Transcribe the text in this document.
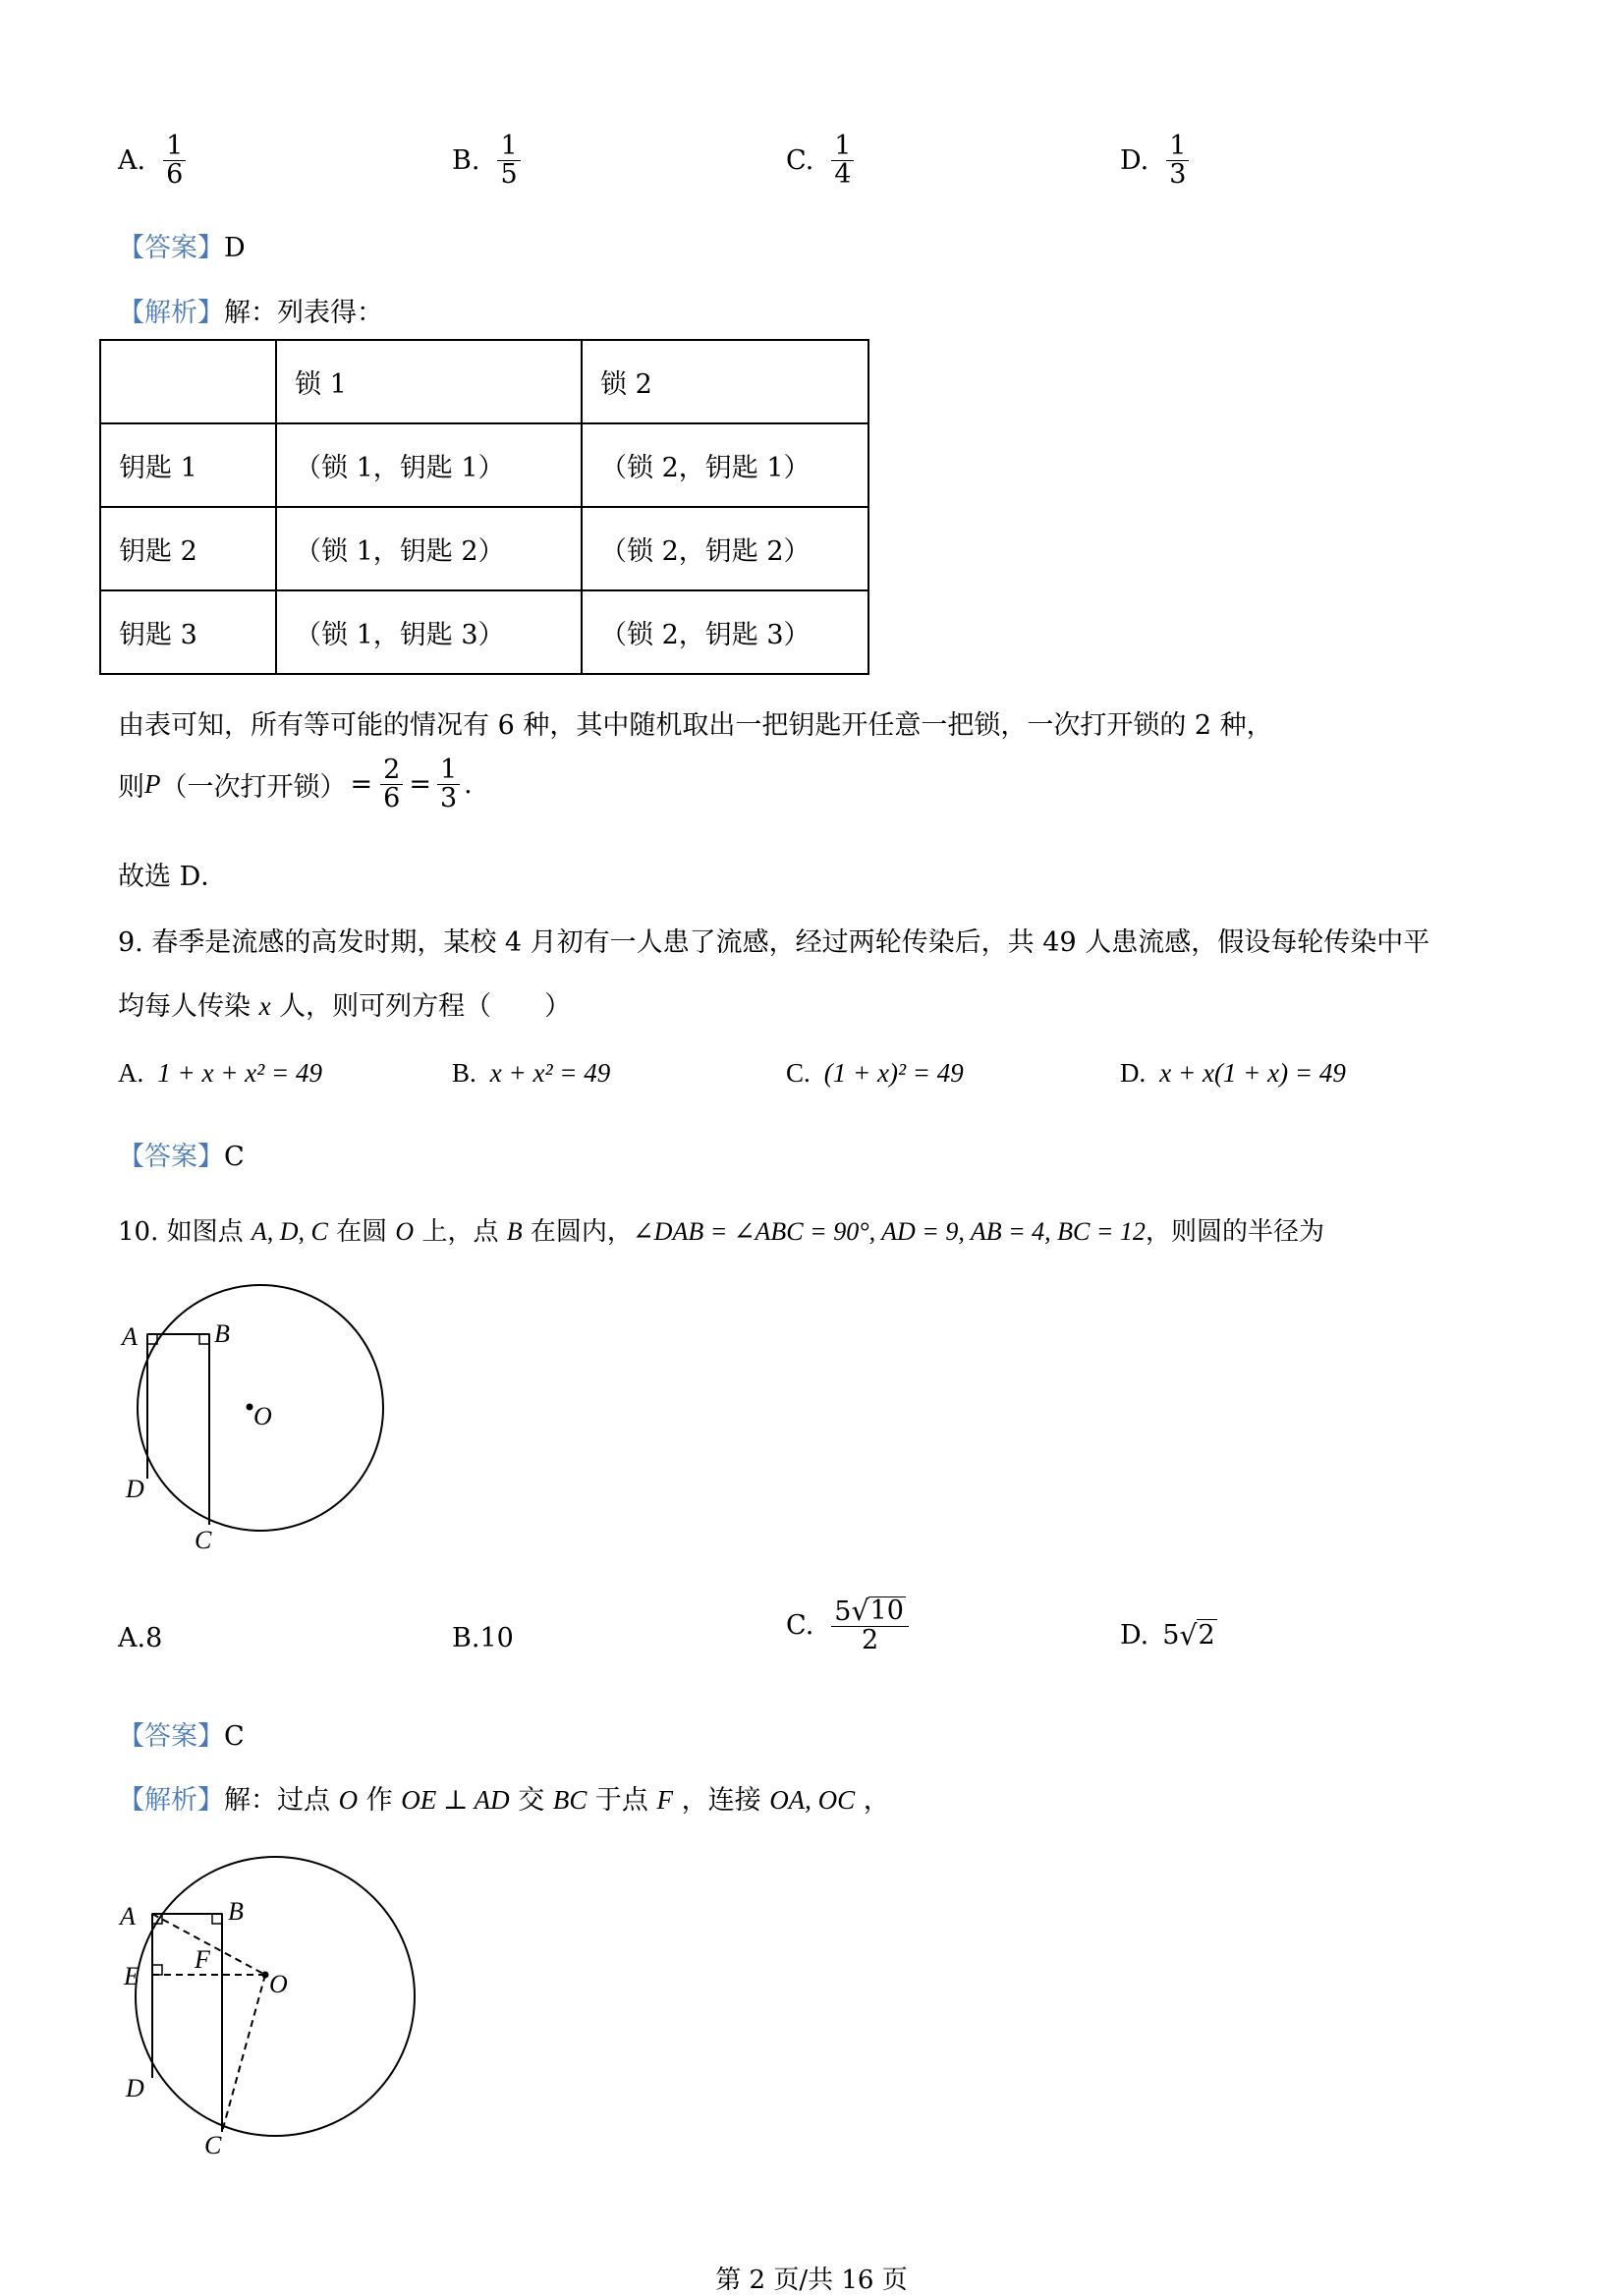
A. $\frac{1}{6}$	B. $\frac{1}{5}$	C. $\frac{1}{4}$	D. $\frac{1}{3}$
【答案】D
【解析】解：列表得：
	锁 1	锁 2
钥匙 1	（锁 1，钥匙 1）	（锁 2，钥匙 1）
钥匙 2	（锁 1，钥匙 2）	（锁 2，钥匙 2）
钥匙 3	（锁 1，钥匙 3）	（锁 2，钥匙 3）
由表可知，所有等可能的情况有 6 种，其中随机取出一把钥匙开任意一把锁，一次打开锁的 2 种，
则 P （一次打开锁） = $\frac{2}{6} = \frac{1}{3}$ .
故选 D．
9. 春季是流感的高发时期，某校 4 月初有一人患了流感，经过两轮传染后，共 49 人患流感，假设每轮传染中平
均每人传染 x 人，则可列方程（　　）
A. 1 + x + x² = 49	B. x + x² = 49	C. (1 + x)² = 49	D. x + x(1 + x) = 49
【答案】C
10. 如图点 A, D, C 在圆 O 上，点 B 在圆内，∠DAB = ∠ABC = 90°, AD = 9, AB = 4, BC = 12，则圆的半径为
A	B
O
D
C
A.8	B.10	C. $\frac{5 √ 10}{2}$	D. 5 √ 2
【答案】C
【解析】解：过点 O 作 OE ⊥ AD 交 BC 于点 F ，连接 OA, OC ，
A	B
E
F
O
D
C
第 2 页/共 16 页
